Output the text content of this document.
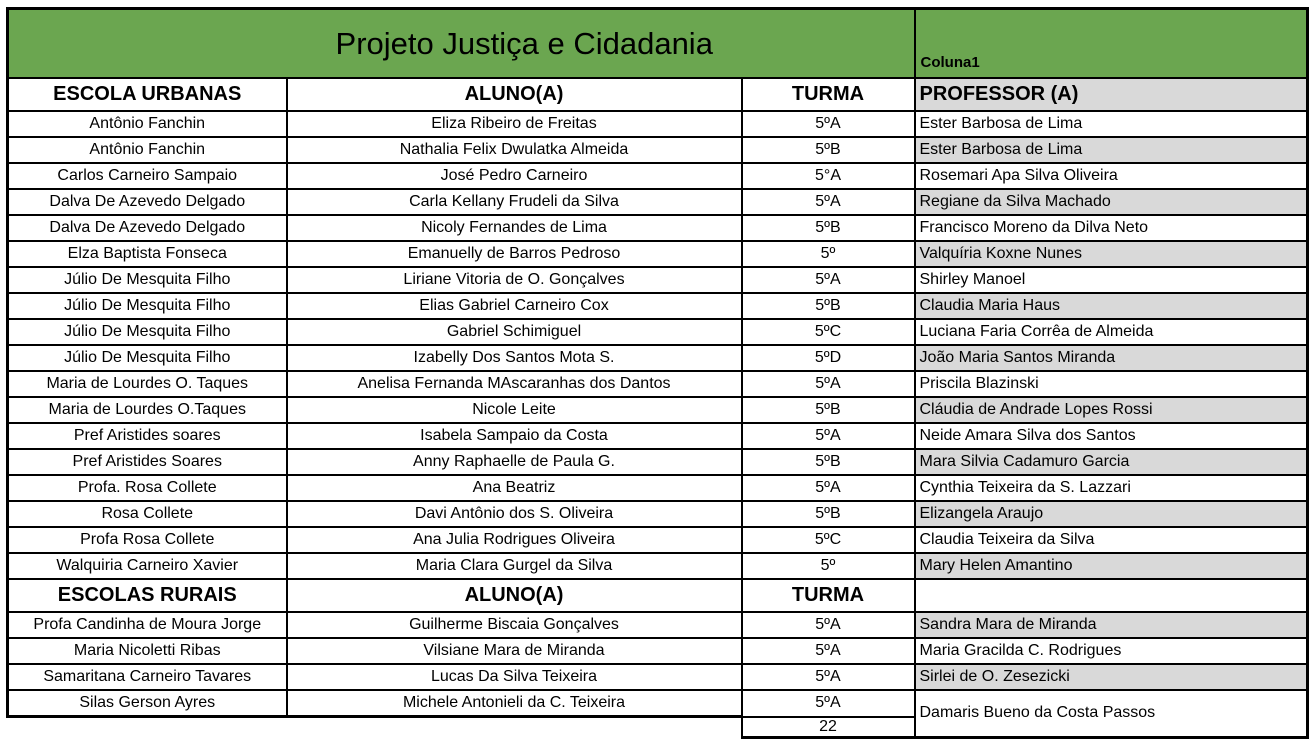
Projeto Justiça e Cidadania			Coluna1
ESCOLA URBANAS	ALUNO(A)	TURMA	PROFESSOR (A)
Antônio Fanchin	Eliza Ribeiro de Freitas	5ºA	Ester Barbosa de Lima
Antônio Fanchin	Nathalia Felix Dwulatka Almeida	5ºB	Ester Barbosa de Lima
Carlos Carneiro Sampaio	José Pedro Carneiro	5°A	Rosemari Apa Silva Oliveira
Dalva De Azevedo Delgado	Carla Kellany Frudeli da Silva	5ºA	Regiane da Silva Machado
Dalva De Azevedo Delgado	Nicoly Fernandes de Lima	5ºB	Francisco Moreno da Dilva Neto
Elza Baptista Fonseca	Emanuelly de Barros Pedroso	5º	Valquíria Koxne Nunes
Júlio De Mesquita Filho	Liriane Vitoria de O. Gonçalves	5ºA	Shirley Manoel
Júlio De Mesquita Filho	Elias Gabriel Carneiro Cox	5ºB	Claudia Maria Haus
Júlio De Mesquita Filho	Gabriel Schimiguel	5ºC	Luciana Faria Corrêa de Almeida
Júlio De Mesquita Filho	Izabelly Dos Santos Mota S.	5ºD	João Maria Santos Miranda
Maria de Lourdes O. Taques	Anelisa Fernanda MAscaranhas dos Dantos	5ºA	Priscila Blazinski
Maria de Lourdes O.Taques	Nicole Leite	5ºB	Cláudia de Andrade Lopes Rossi
Pref Aristides soares	Isabela Sampaio da Costa	5ºA	Neide Amara Silva dos Santos
Pref Aristides Soares	Anny Raphaelle de Paula G.	5ºB	Mara Silvia Cadamuro Garcia
Profa. Rosa Collete	Ana Beatriz	5ºA	Cynthia Teixeira da S. Lazzari
Rosa Collete	Davi Antônio dos S. Oliveira	5ºB	Elizangela Araujo
Profa Rosa Collete	Ana Julia Rodrigues Oliveira	5ºC	Claudia Teixeira da Silva
Walquiria Carneiro Xavier	Maria Clara Gurgel da Silva	5º	Mary Helen Amantino
ESCOLAS RURAIS	ALUNO(A)	TURMA	
Profa Candinha de Moura Jorge	Guilherme Biscaia Gonçalves	5ºA	Sandra Mara de Miranda
Maria Nicoletti Ribas	Vilsiane Mara de Miranda	5ºA	Maria Gracilda C. Rodrigues
Samaritana Carneiro Tavares	Lucas Da Silva Teixeira	5ºA	Sirlei de O. Zesezicki
Silas Gerson Ayres	Michele Antonieli da C. Teixeira	5ºA	Damaris Bueno da Costa Passos
		22	
